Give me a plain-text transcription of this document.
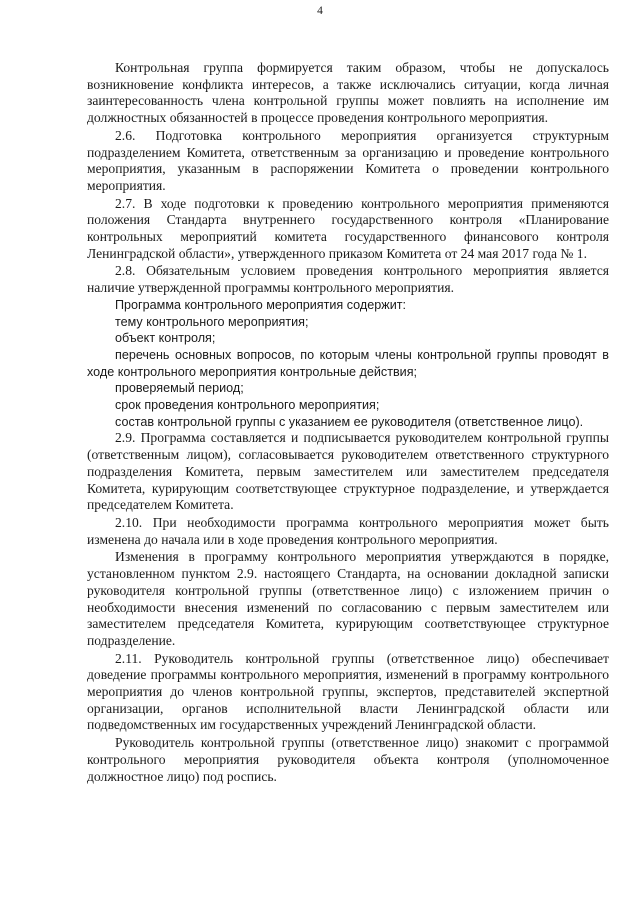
4

Контрольная группа формируется таким образом, чтобы не допускалось возникновение конфликта интересов, а также исключались ситуации, когда личная заинтересованность члена контрольной группы может повлиять на исполнение им должностных обязанностей в процессе проведения контрольного мероприятия.

2.6. Подготовка контрольного мероприятия организуется структурным подразделением Комитета, ответственным за организацию и проведение контрольного мероприятия, указанным в распоряжении Комитета о проведении контрольного мероприятия.

2.7. В ходе подготовки к проведению контрольного мероприятия применяются положения Стандарта внутреннего государственного контроля «Планирование контрольных мероприятий комитета государственного финансового контроля Ленинградской области», утвержденного приказом Комитета от 24 мая 2017 года № 1.

2.8. Обязательным условием проведения контрольного мероприятия является наличие утвержденной программы контрольного мероприятия.

Программа контрольного мероприятия содержит:

тему контрольного мероприятия;

объект контроля;

перечень основных вопросов, по которым члены контрольной группы проводят в ходе контрольного мероприятия контрольные действия;

проверяемый период;

срок проведения контрольного мероприятия;

состав контрольной группы с указанием ее руководителя (ответственное лицо).

2.9. Программа составляется и подписывается руководителем контрольной группы (ответственным лицом), согласовывается руководителем ответственного структурного подразделения Комитета, первым заместителем или заместителем председателя Комитета, курирующим соответствующее структурное подразделение, и утверждается председателем Комитета.

2.10. При необходимости программа контрольного мероприятия может быть изменена до начала или в ходе проведения контрольного мероприятия.

Изменения в программу контрольного мероприятия утверждаются в порядке, установленном пунктом 2.9. настоящего Стандарта, на основании докладной записки руководителя контрольной группы (ответственное лицо) с изложением причин о необходимости внесения изменений по согласованию с первым заместителем или заместителем председателя Комитета, курирующим соответствующее структурное подразделение.

2.11. Руководитель контрольной группы (ответственное лицо) обеспечивает доведение программы контрольного мероприятия, изменений в программу контрольного мероприятия до членов контрольной группы, экспертов, представителей экспертной организации, органов исполнительной власти Ленинградской области или подведомственных им государственных учреждений Ленинградской области.

Руководитель контрольной группы (ответственное лицо) знакомит с программой контрольного мероприятия руководителя объекта контроля (уполномоченное должностное лицо) под роспись.
